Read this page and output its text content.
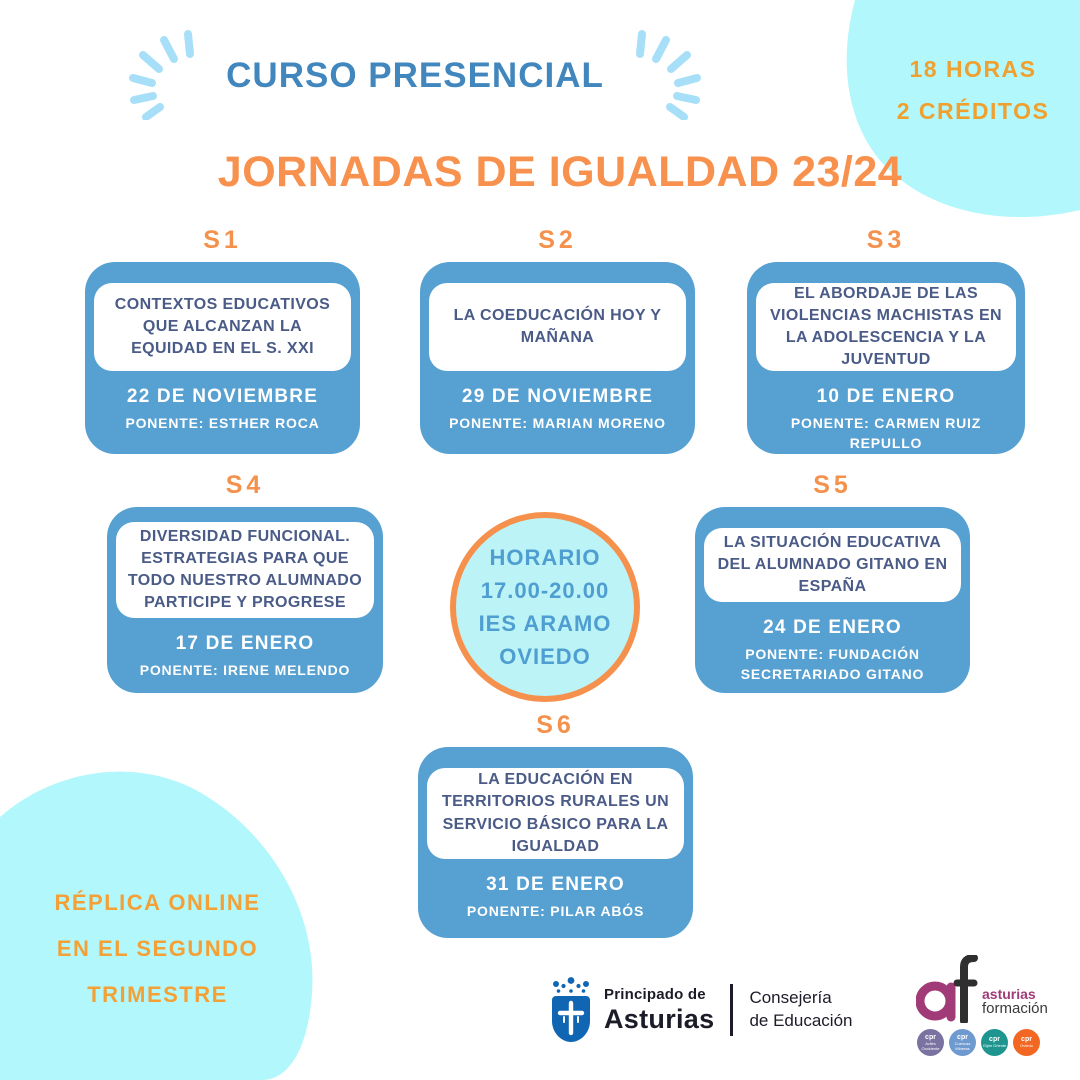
18 HORAS
2 CRÉDITOS
CURSO PRESENCIAL
JORNADAS DE IGUALDAD 23/24
S1
CONTEXTOS EDUCATIVOS QUE ALCANZAN LA EQUIDAD EN EL S. XXI
22 DE NOVIEMBRE
PONENTE: ESTHER ROCA
S2
LA COEDUCACIÓN HOY Y MAÑANA
29 DE NOVIEMBRE
PONENTE: MARIAN MORENO
S3
EL ABORDAJE DE LAS VIOLENCIAS MACHISTAS EN LA ADOLESCENCIA Y LA JUVENTUD
10 DE ENERO
PONENTE: CARMEN RUIZ REPULLO
S4
DIVERSIDAD FUNCIONAL. ESTRATEGIAS PARA QUE TODO NUESTRO ALUMNADO PARTICIPE Y PROGRESE
17 DE ENERO
PONENTE: IRENE MELENDO
S5
LA SITUACIÓN EDUCATIVA DEL ALUMNADO GITANO EN ESPAÑA
24 DE ENERO
PONENTE: FUNDACIÓN SECRETARIADO GITANO
S6
LA EDUCACIÓN EN TERRITORIOS RURALES UN SERVICIO BÁSICO PARA LA IGUALDAD
31 DE ENERO
PONENTE: PILAR ABÓS
HORARIO
17.00-20.00
IES ARAMO
OVIEDO
RÉPLICA ONLINE
EN EL SEGUNDO
TRIMESTRE	Principado de
Asturias
Consejería
de Educación
asturias
formación
cpr
Avilés Occidente
cpr
Cuencas Mineras
cpr
Gijón Oriente
cpr
Oviedo
